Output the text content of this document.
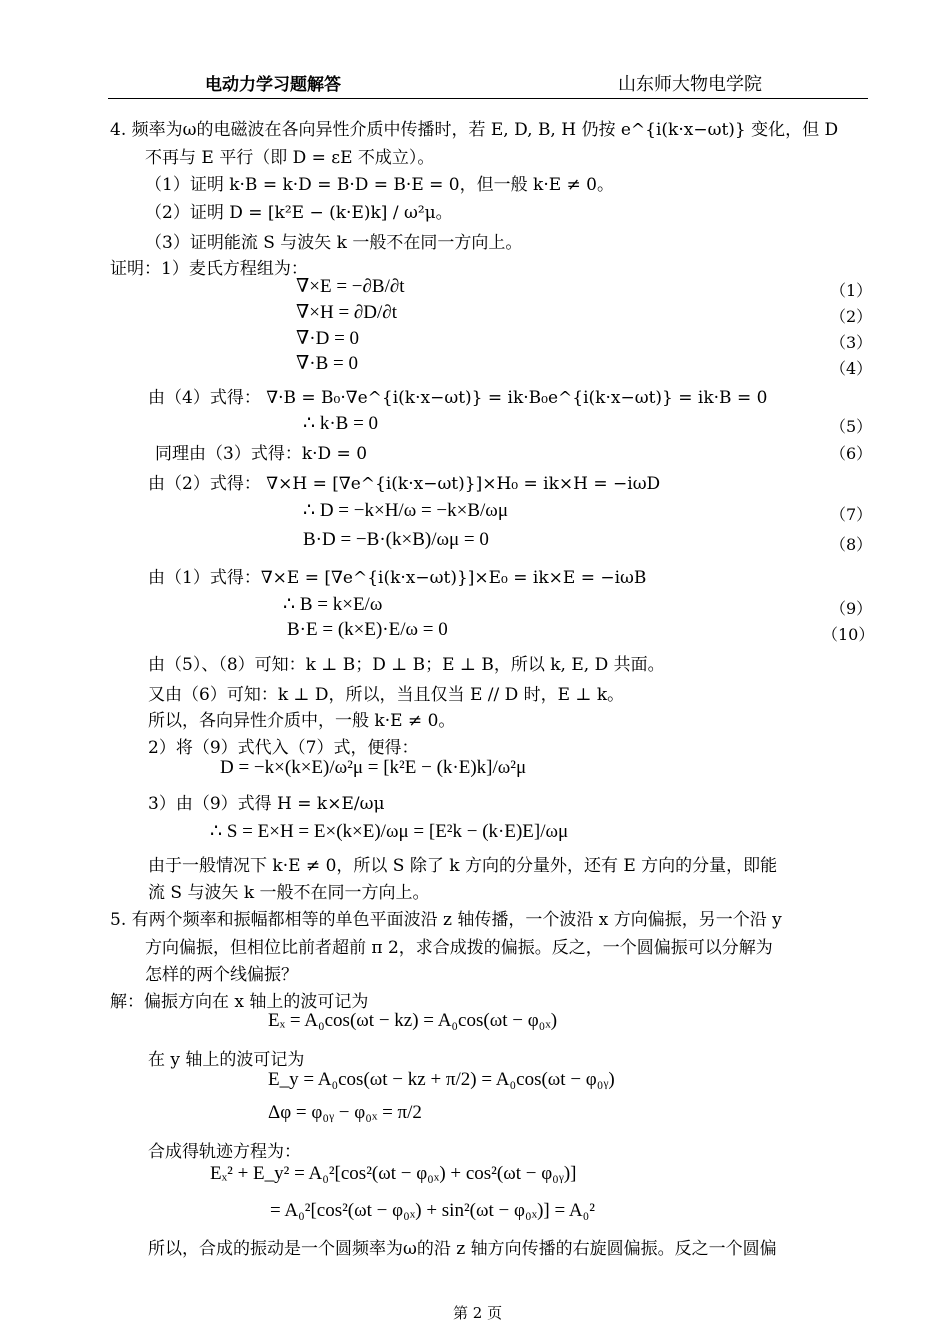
电动力学习题解答	山东师大物电学院
4. 频率为ω的电磁波在各向异性介质中传播时，若 E, D, B, H 仍按 e^{i(k·x−ωt)} 变化，但 D
不再与 E 平行（即 D = εE 不成立）。
（1）证明 k·B = k·D = B·D = B·E = 0，但一般 k·E ≠ 0。
（2）证明 D = [k²E − (k·E)k] / ω²μ。
（3）证明能流 S 与波矢 k 一般不在同一方向上。
证明：1）麦氏方程组为：
∇×E = −∂B/∂t
∇×H = ∂D/∂t
∇·D = 0
∇·B = 0
由（4）式得： ∇·B = B₀·∇e^{i(k·x−ωt)} = ik·B₀e^{i(k·x−ωt)} = ik·B = 0
∴ k·B = 0
同理由（3）式得：k·D = 0
由（2）式得： ∇×H = [∇e^{i(k·x−ωt)}]×H₀ = ik×H = −iωD
∴ D = −k×H/ω = −k×B/ωμ
B·D = −B·(k×B)/ωμ = 0
由（1）式得：∇×E = [∇e^{i(k·x−ωt)}]×E₀ = ik×E = −iωB
∴ B = k×E/ω
B·E = (k×E)·E/ω = 0
由（5）、（8）可知：k ⊥ B；D ⊥ B；E ⊥ B，所以 k, E, D 共面。
又由（6）可知：k ⊥ D，所以，当且仅当 E // D 时，E ⊥ k。
所以，各向异性介质中，一般 k·E ≠ 0。
2）将（9）式代入（7）式，便得：
D = −k×(k×E)/ω²μ = [k²E − (k·E)k]/ω²μ
3）由（9）式得 H = k×E/ωμ
∴ S = E×H = E×(k×E)/ωμ = [E²k − (k·E)E]/ωμ
由于一般情况下 k·E ≠ 0，所以 S 除了 k 方向的分量外，还有 E 方向的分量，即能
流 S 与波矢 k 一般不在同一方向上。
5. 有两个频率和振幅都相等的单色平面波沿 z 轴传播，一个波沿 x 方向偏振，另一个沿 y
方向偏振，但相位比前者超前 π 2，求合成拨的偏振。反之，一个圆偏振可以分解为
怎样的两个线偏振？
解：偏振方向在 x 轴上的波可记为
Eₓ = A₀cos(ωt − kz) = A₀cos(ωt − φ₀ₓ)
在 y 轴上的波可记为
E_y = A₀cos(ωt − kz + π/2) = A₀cos(ωt − φ₀ᵧ)
Δφ = φ₀ᵧ − φ₀ₓ = π/2
合成得轨迹方程为：
Eₓ² + E_y² = A₀²[cos²(ωt − φ₀ₓ) + cos²(ωt − φ₀ᵧ)]
= A₀²[cos²(ωt − φ₀ₓ) + sin²(ωt − φ₀ₓ)] = A₀²
所以，合成的振动是一个圆频率为ω的沿 z 轴方向传播的右旋圆偏振。反之一个圆偏
（1）
（2）
（3）
（4）
（5）
（6）
（7）
（8）
（9）
（10）
第 2 页
